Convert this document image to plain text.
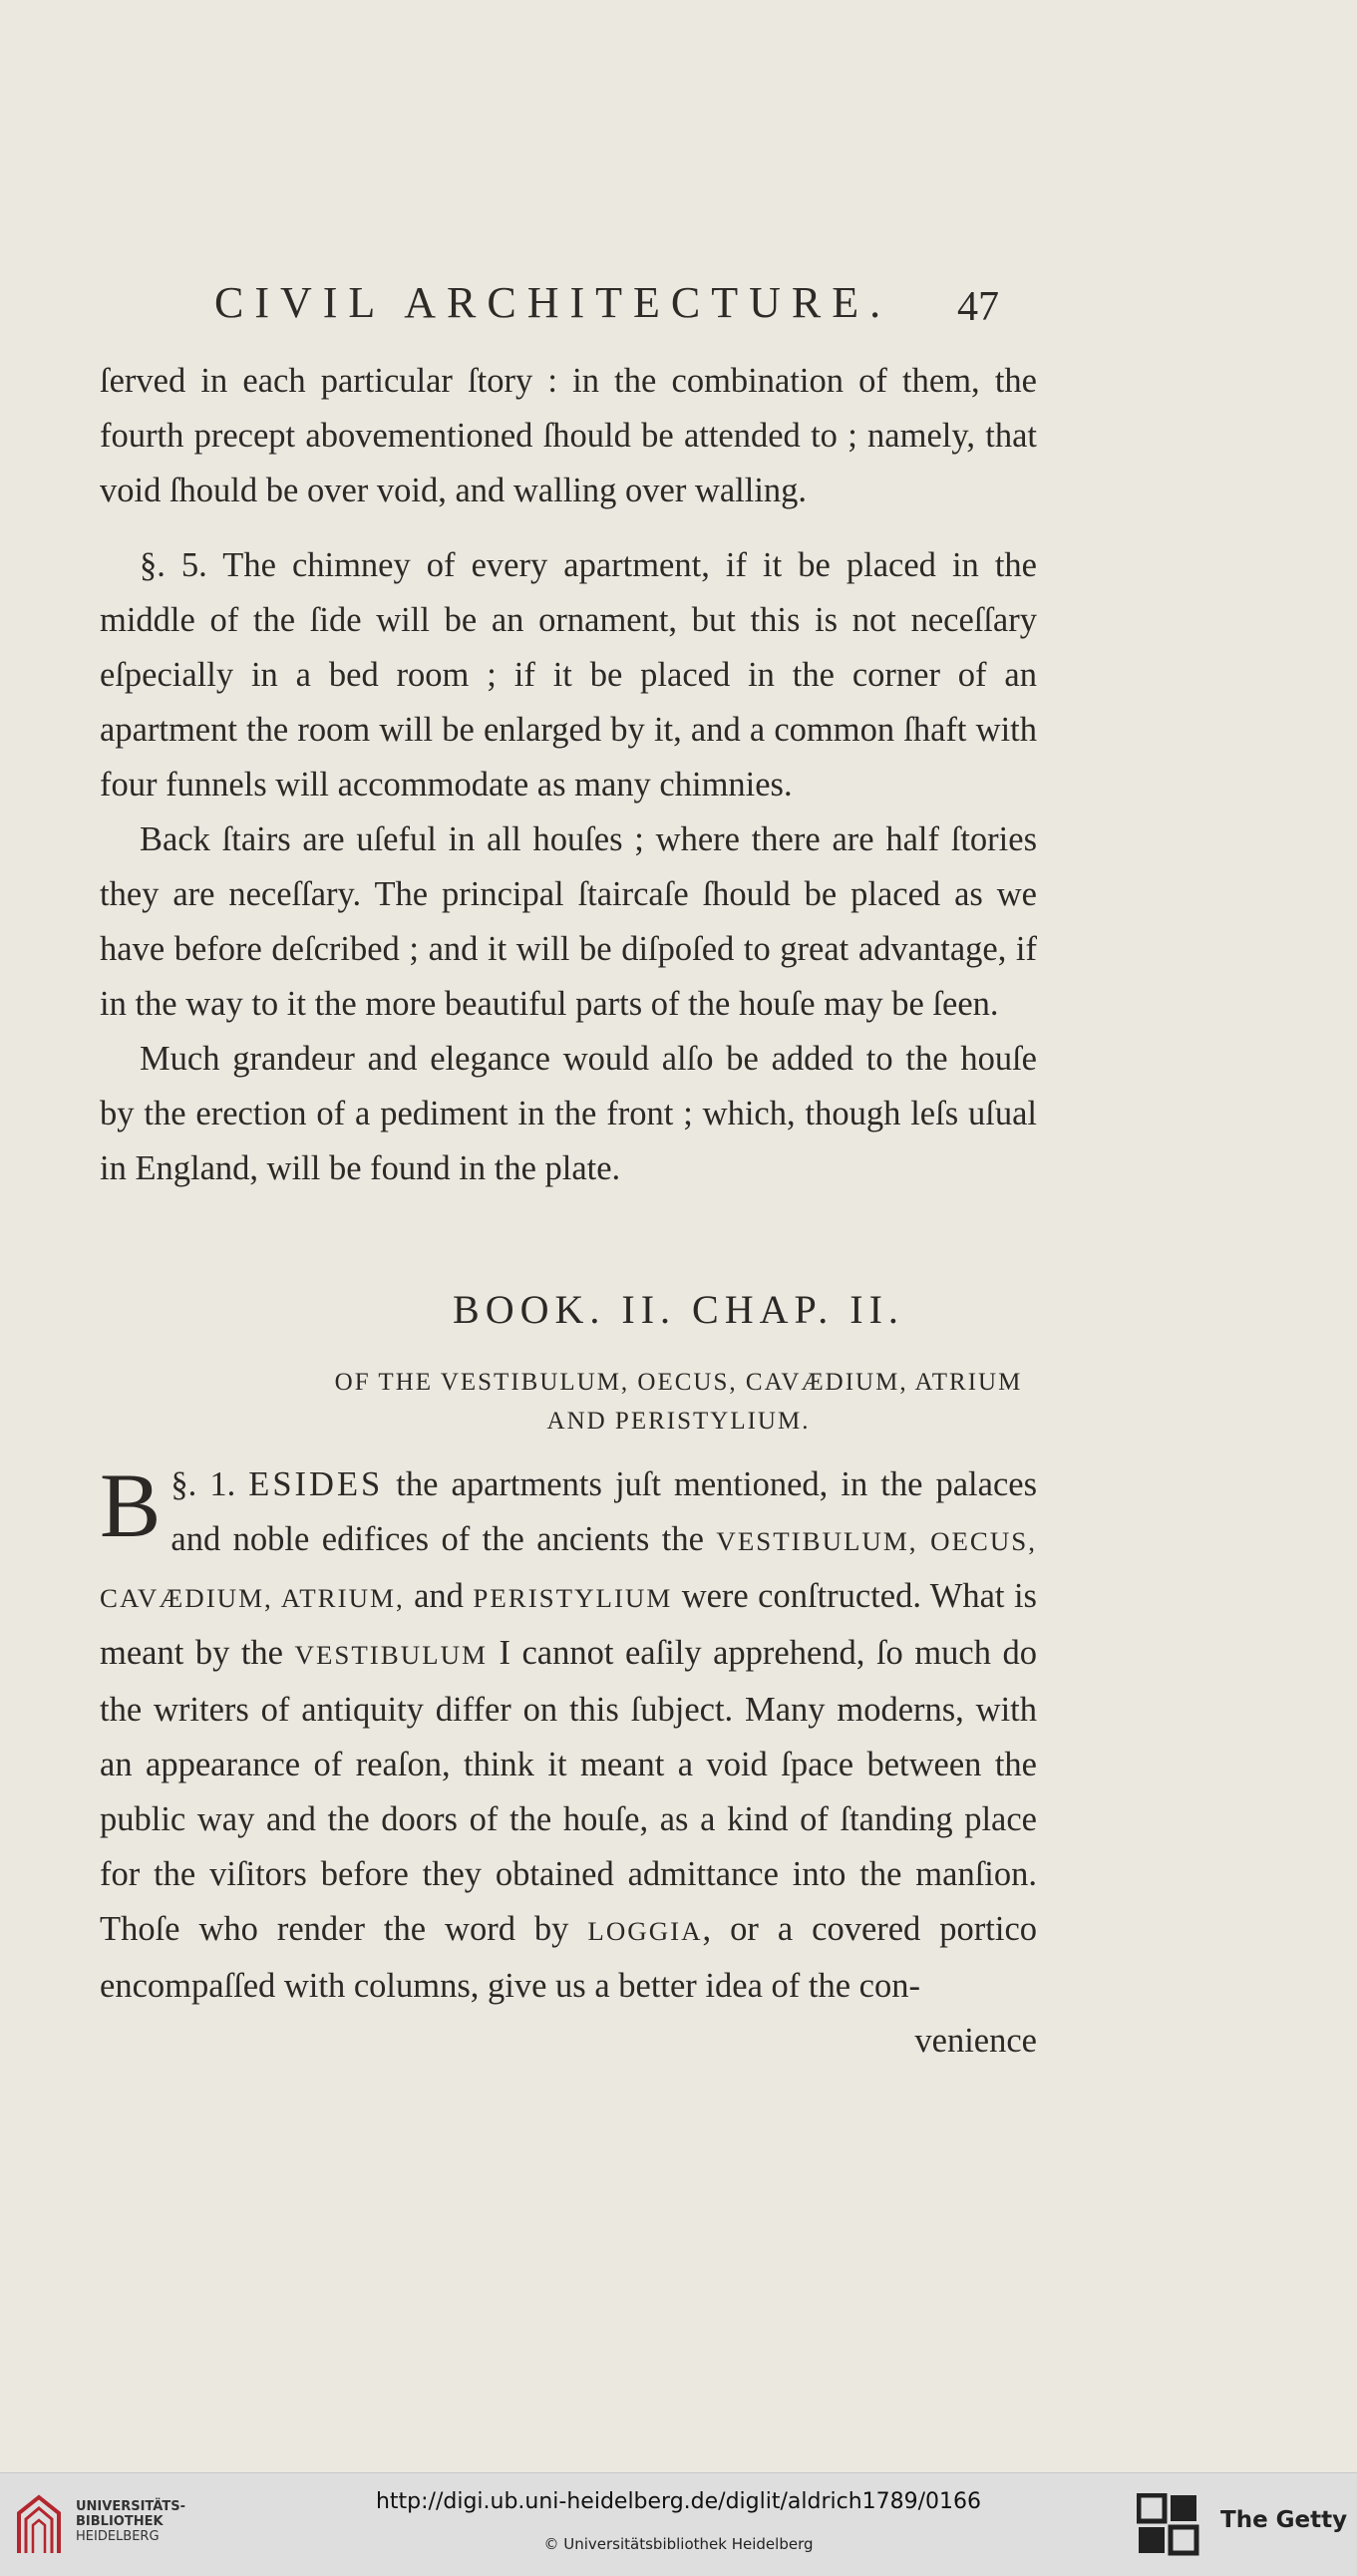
CIVIL ARCHITECTURE. 47

ſerved in each particular ſtory : in the combination of them, the fourth precept abovementioned ſhould be attended to ; namely, that void ſhould be over void, and walling over walling.

§. 5. The chimney of every apartment, if it be placed in the middle of the ſide will be an ornament, but this is not neceſſary eſpecially in a bed room ; if it be placed in the corner of an apartment the room will be enlarged by it, and a common ſhaft with four funnels will accommodate as many chimnies.

Back ſtairs are uſeful in all houſes ; where there are half ſtories they are neceſſary. The principal ſtaircaſe ſhould be placed as we have before deſcribed ; and it will be diſpoſed to great advantage, if in the way to it the more beautiful parts of the houſe may be ſeen.

Much grandeur and elegance would alſo be added to the houſe by the erection of a pediment in the front ; which, though leſs uſual in England, will be found in the plate.

BOOK. II. CHAP. II.
OF THE VESTIBULUM, OECUS, CAVÆDIUM, ATRIUM
AND PERISTYLIUM.

§. 1.
B	ESIDES the apartments juſt mentioned, in the palaces and noble edifices of the ancients the VESTIBULUM, OECUS, CAVÆDIUM, ATRIUM, and PERISTYLIUM were conſtructed. What is meant by the VESTIBULUM I cannot eaſily apprehend, ſo much do the writers of antiquity differ on this ſubject. Many moderns, with an appearance of reaſon, think it meant a void ſpace between the public way and the doors of the houſe, as a kind of ſtanding place for the viſitors before they obtained admittance into the manſion. Thoſe who render the word by LOGGIA, or a covered portico encompaſſed with columns, give us a better idea of the con-

venience

UNIVERSITÄTS-
BIBLIOTHEK
HEIDELBERG
http://digi.ub.uni-heidelberg.de/diglit/aldrich1789/0166
© Universitätsbibliothek Heidelberg
The Getty
